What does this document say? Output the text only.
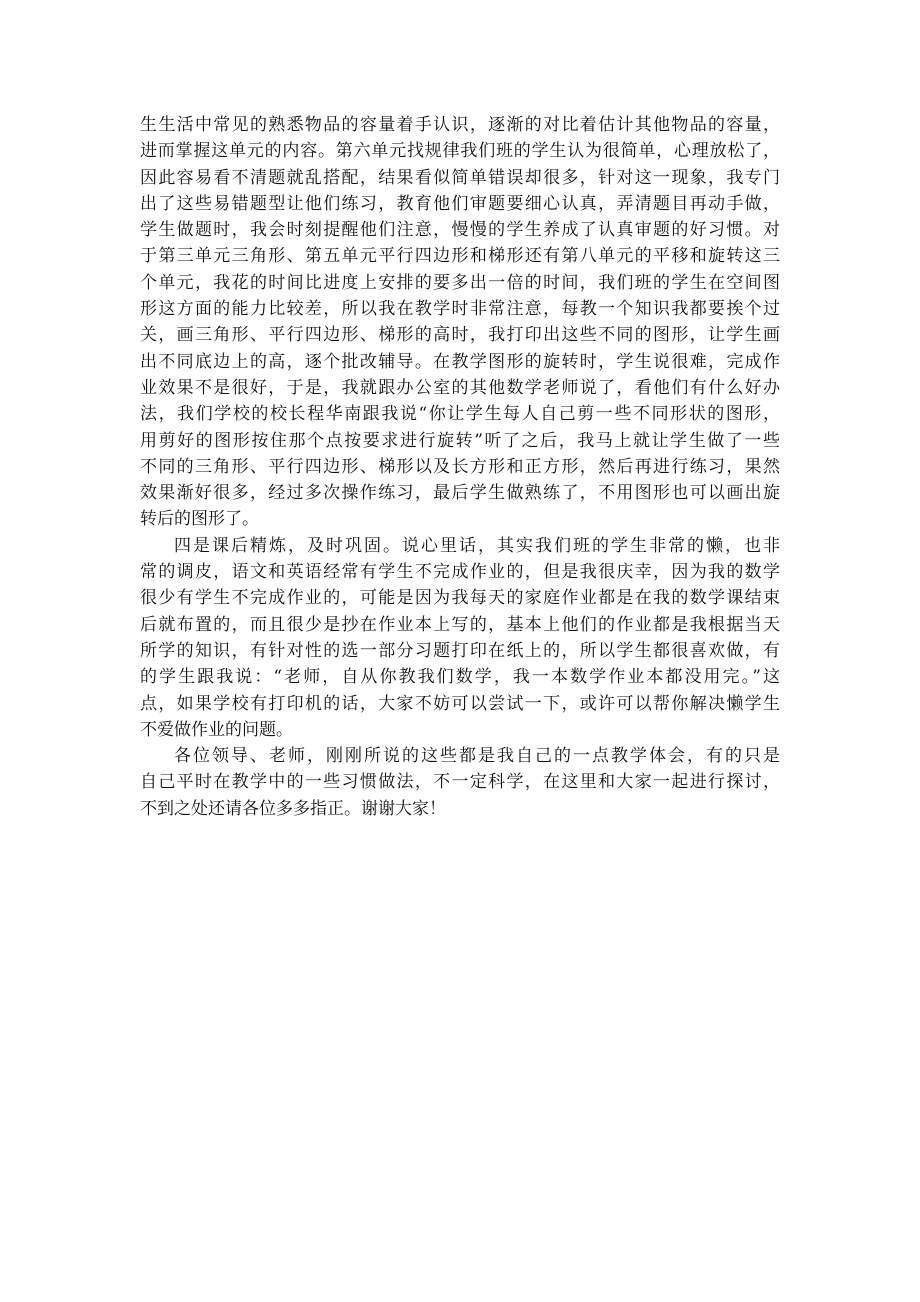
生生活中常见的熟悉物品的容量着手认识，逐渐的对比着估计其他物品的容量，
进而掌握这单元的内容。第六单元找规律我们班的学生认为很简单，心理放松了，
因此容易看不清题就乱搭配，结果看似简单错误却很多，针对这一现象，我专门
出了这些易错题型让他们练习，教育他们审题要细心认真，弄清题目再动手做，
学生做题时，我会时刻提醒他们注意，慢慢的学生养成了认真审题的好习惯。对
于第三单元三角形、第五单元平行四边形和梯形还有第八单元的平移和旋转这三
个单元，我花的时间比进度上安排的要多出一倍的时间，我们班的学生在空间图
形这方面的能力比较差，所以我在教学时非常注意，每教一个知识我都要挨个过
关，画三角形、平行四边形、梯形的高时，我打印出这些不同的图形，让学生画
出不同底边上的高，逐个批改辅导。在教学图形的旋转时，学生说很难，完成作
业效果不是很好，于是，我就跟办公室的其他数学老师说了，看他们有什么好办
法，我们学校的校长程华南跟我说“你让学生每人自己剪一些不同形状的图形，
用剪好的图形按住那个点按要求进行旋转”听了之后，我马上就让学生做了一些
不同的三角形、平行四边形、梯形以及长方形和正方形，然后再进行练习，果然
效果渐好很多，经过多次操作练习，最后学生做熟练了，不用图形也可以画出旋
转后的图形了。
四是课后精炼，及时巩固。说心里话，其实我们班的学生非常的懒，也非
常的调皮，语文和英语经常有学生不完成作业的，但是我很庆幸，因为我的数学
很少有学生不完成作业的，可能是因为我每天的家庭作业都是在我的数学课结束
后就布置的，而且很少是抄在作业本上写的，基本上他们的作业都是我根据当天
所学的知识，有针对性的选一部分习题打印在纸上的，所以学生都很喜欢做，有
的学生跟我说：“老师，自从你教我们数学，我一本数学作业本都没用完。”这
点，如果学校有打印机的话，大家不妨可以尝试一下，或许可以帮你解决懒学生
不爱做作业的问题。
各位领导、老师，刚刚所说的这些都是我自己的一点教学体会，有的只是
自己平时在教学中的一些习惯做法，不一定科学，在这里和大家一起进行探讨，
不到之处还请各位多多指正。谢谢大家！
